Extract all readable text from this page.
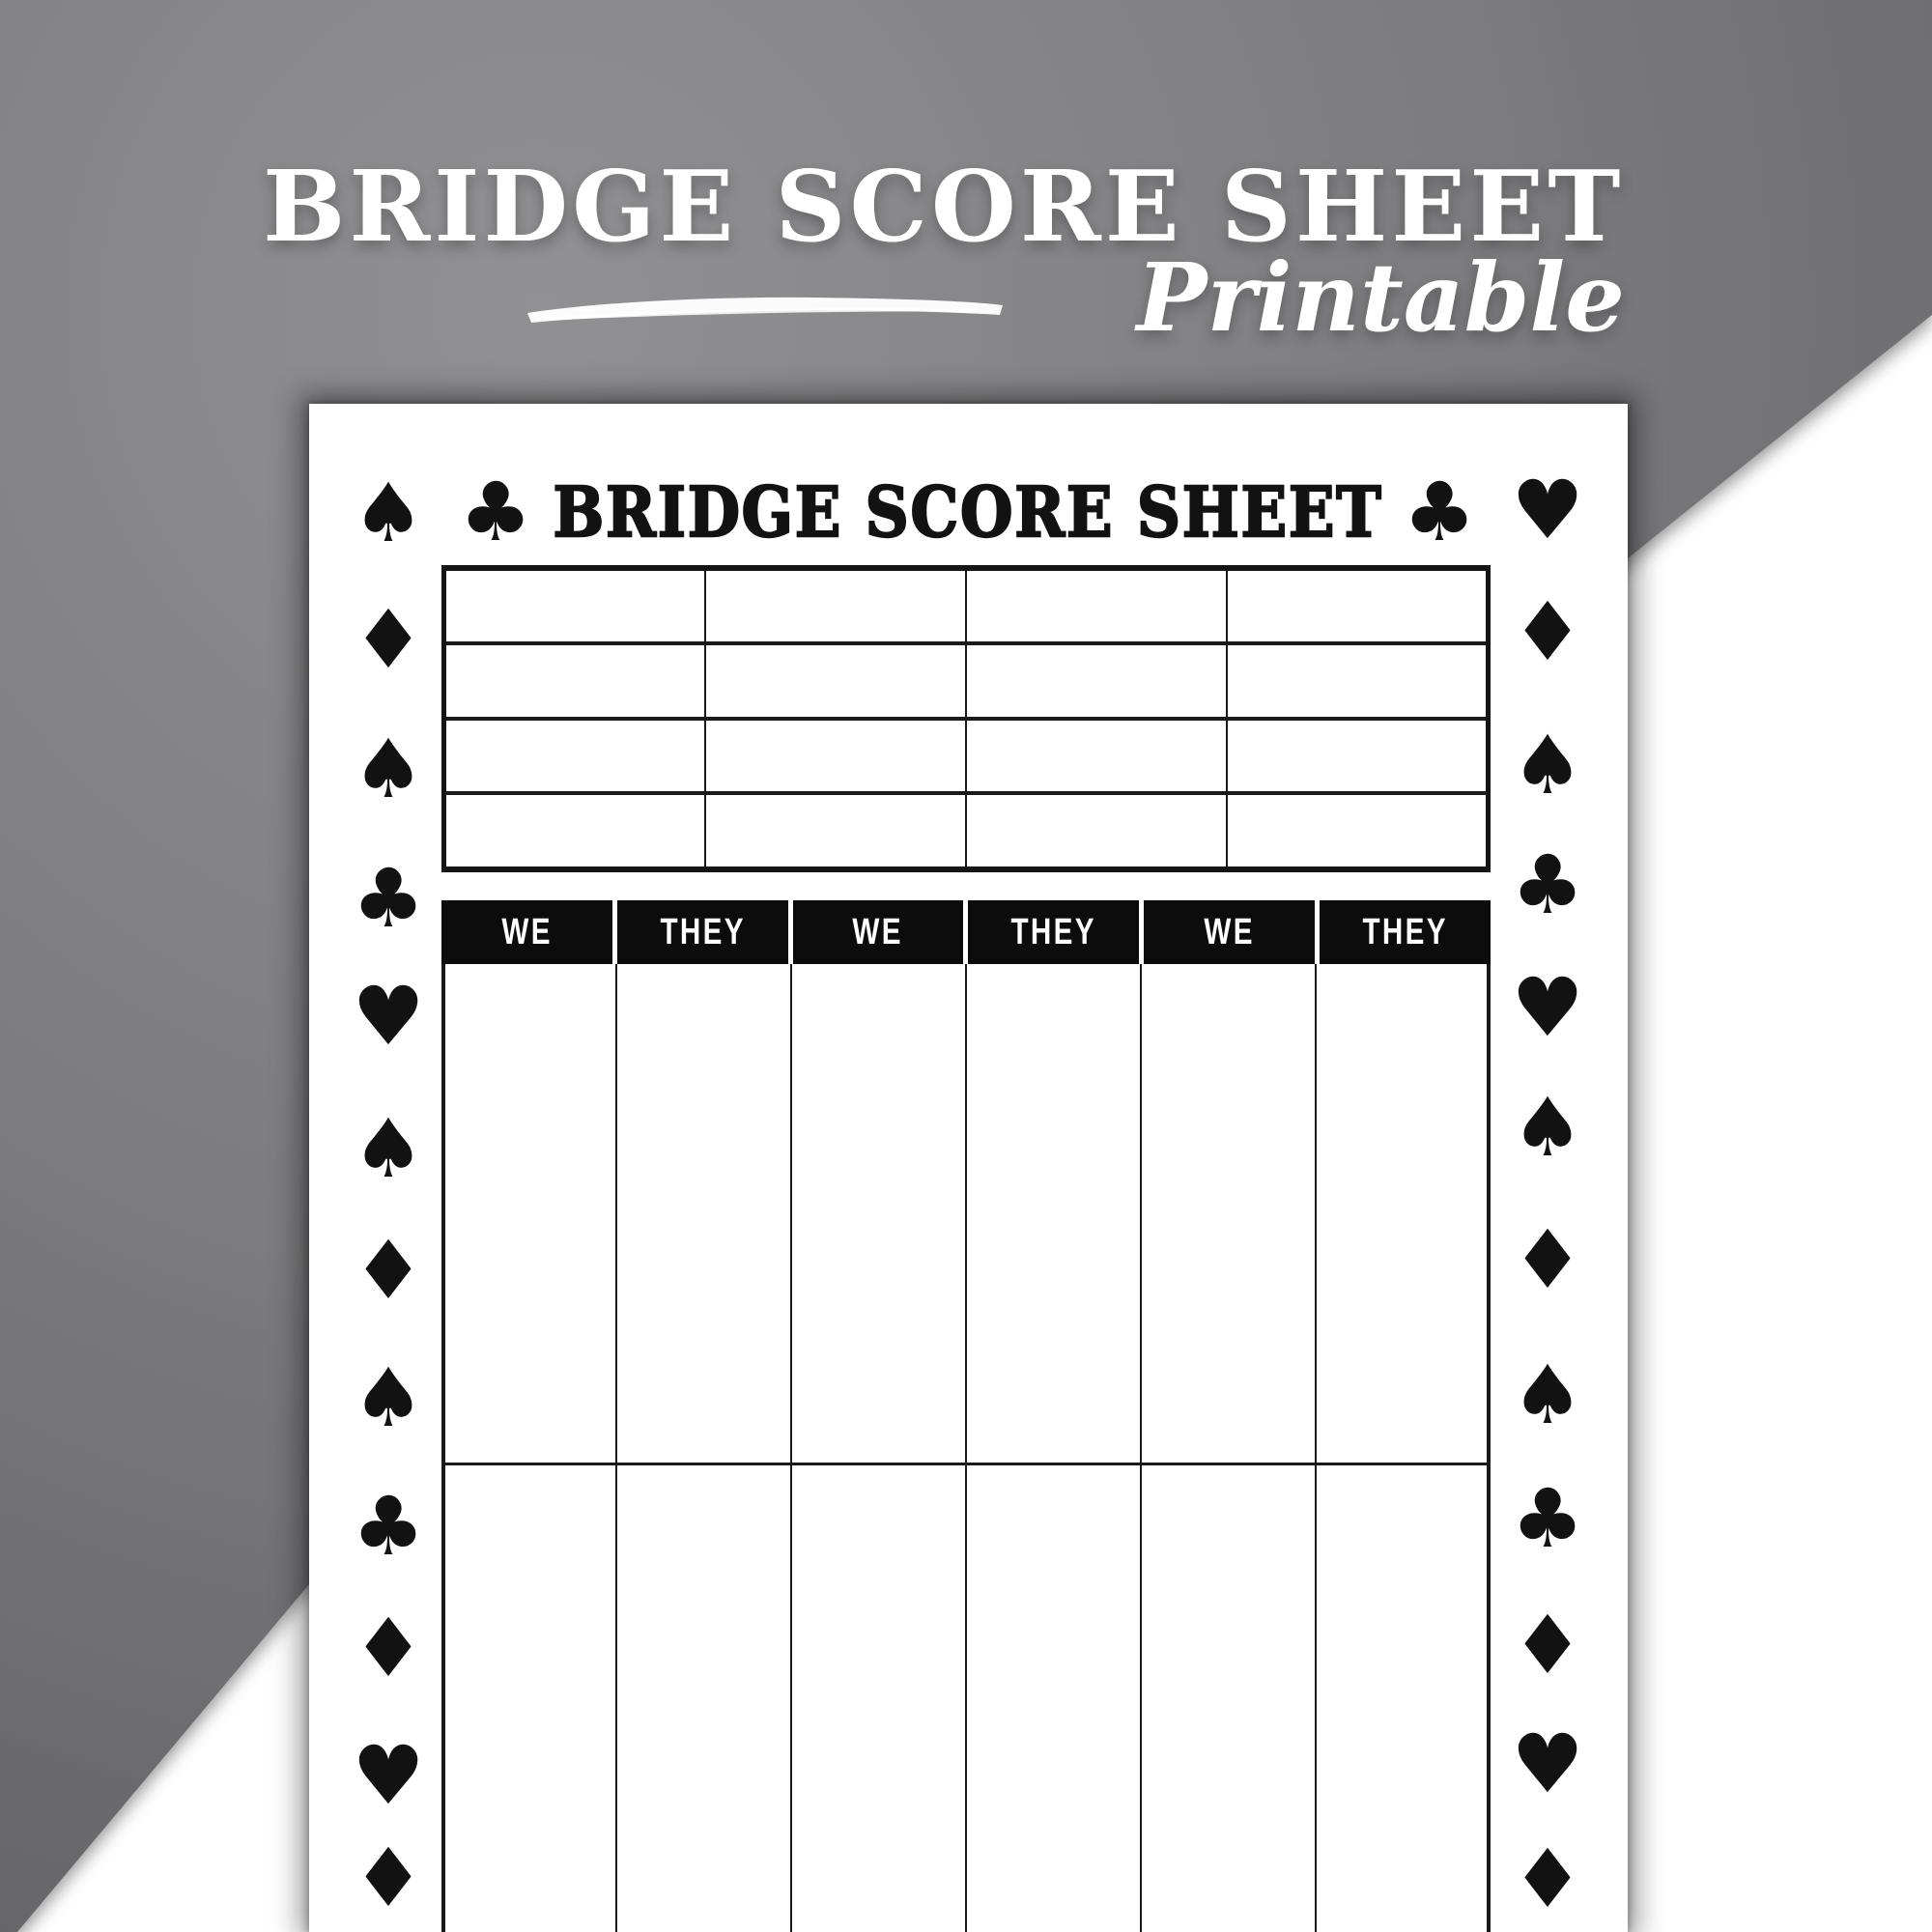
BRIDGE SCORE SHEET
Printable
♣ BRIDGE SCORE SHEET ♣
♠
♦
♠
♣
♥
♠
♦
♠
♣
♦
♥
♦
♥
♦
♠
♣
♥
♠
♦
♠
♣
♦
♥
♦
WE	THEY	WE	THEY	WE	THEY
